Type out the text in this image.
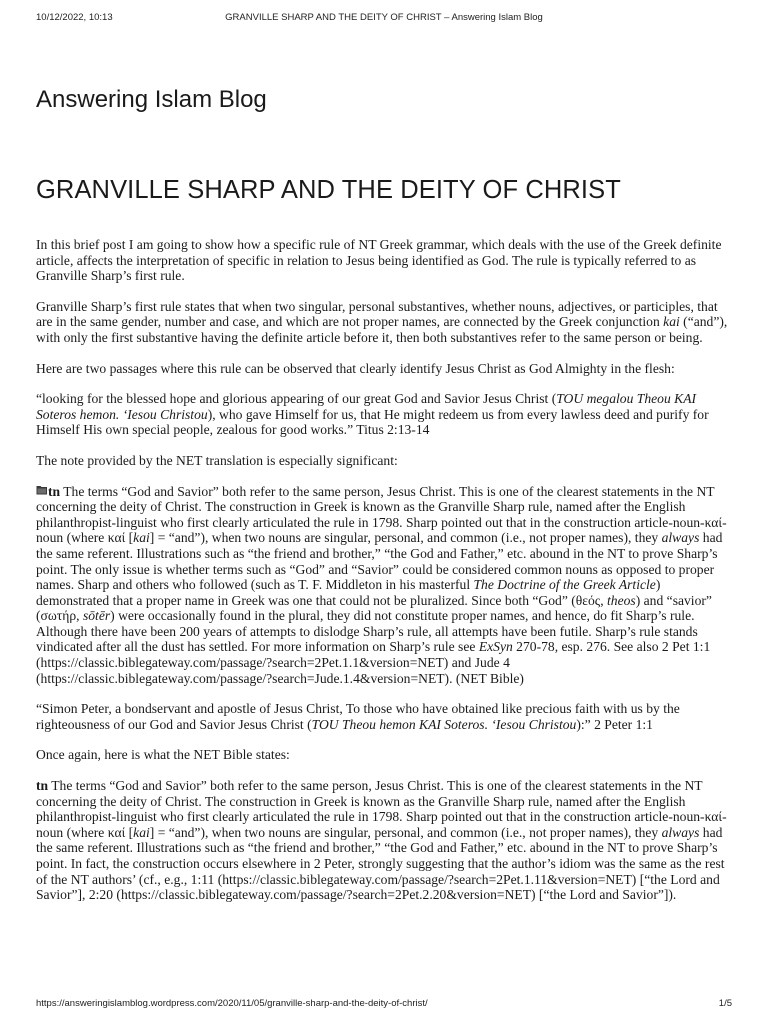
10/12/2022, 10:13	GRANVILLE SHARP AND THE DEITY OF CHRIST – Answering Islam Blog
Answering Islam Blog
GRANVILLE SHARP AND THE DEITY OF CHRIST

In this brief post I am going to show how a specific rule of NT Greek grammar, which deals with the use of the Greek definite article, affects the interpretation of specific in relation to Jesus being identified as God. The rule is typically referred to as Granville Sharp’s first rule.

Granville Sharp’s first rule states that when two singular, personal substantives, whether nouns, adjectives, or participles, that are in the same gender, number and case, and which are not proper names, are connected by the Greek conjunction kai (“and”), with only the first substantive having the definite article before it, then both substantives refer to the same person or being.

Here are two passages where this rule can be observed that clearly identify Jesus Christ as God Almighty in the flesh:

“looking for the blessed hope and glorious appearing of our great God and Savior Jesus Christ (TOU megalou Theou KAI Soteros hemon. ‘Iesou Christou), who gave Himself for us, that He might redeem us from every lawless deed and purify for Himself His own special people, zealous for good works.” Titus 2:13-14

The note provided by the NET translation is especially significant:

tn The terms “God and Savior” both refer to the same person, Jesus Christ. This is one of the clearest statements in the NT concerning the deity of Christ. The construction in Greek is known as the Granville Sharp rule, named after the English philanthropist-linguist who first clearly articulated the rule in 1798. Sharp pointed out that in the construction article-noun-καί-noun (where καί [kai] = “and”), when two nouns are singular, personal, and common (i.e., not proper names), they always had the same referent. Illustrations such as “the friend and brother,” “the God and Father,” etc. abound in the NT to prove Sharp’s point. The only issue is whether terms such as “God” and “Savior” could be considered common nouns as opposed to proper names. Sharp and others who followed (such as T. F. Middleton in his masterful The Doctrine of the Greek Article) demonstrated that a proper name in Greek was one that could not be pluralized. Since both “God” (θεός, theos) and “savior” (σωτήρ, sōtēr) were occasionally found in the plural, they did not constitute proper names, and hence, do fit Sharp’s rule. Although there have been 200 years of attempts to dislodge Sharp’s rule, all attempts have been futile. Sharp’s rule stands vindicated after all the dust has settled. For more information on Sharp’s rule see ExSyn 270-78, esp. 276. See also 2 Pet 1:1 (https://classic.biblegateway.com/passage/?search=2Pet.1.1&version=NET) and Jude 4 (https://classic.biblegateway.com/passage/?search=Jude.1.4&version=NET). (NET Bible)

“Simon Peter, a bondservant and apostle of Jesus Christ, To those who have obtained like precious faith with us by the righteousness of our God and Savior Jesus Christ (TOU Theou hemon KAI Soteros. ‘Iesou Christou):” 2 Peter 1:1

Once again, here is what the NET Bible states:

tn The terms “God and Savior” both refer to the same person, Jesus Christ. This is one of the clearest statements in the NT concerning the deity of Christ. The construction in Greek is known as the Granville Sharp rule, named after the English philanthropist-linguist who first clearly articulated the rule in 1798. Sharp pointed out that in the construction article-noun-καί-noun (where καί [kai] = “and”), when two nouns are singular, personal, and common (i.e., not proper names), they always had the same referent. Illustrations such as “the friend and brother,” “the God and Father,” etc. abound in the NT to prove Sharp’s point. In fact, the construction occurs elsewhere in 2 Peter, strongly suggesting that the author’s idiom was the same as the rest of the NT authors’ (cf., e.g., 1:11 (https://classic.biblegateway.com/passage/?search=2Pet.1.11&version=NET) [“the Lord and Savior”], 2:20 (https://classic.biblegateway.com/passage/?search=2Pet.2.20&version=NET) [“the Lord and Savior”]).

https://answeringislamblog.wordpress.com/2020/11/05/granville-sharp-and-the-deity-of-christ/	1/5
